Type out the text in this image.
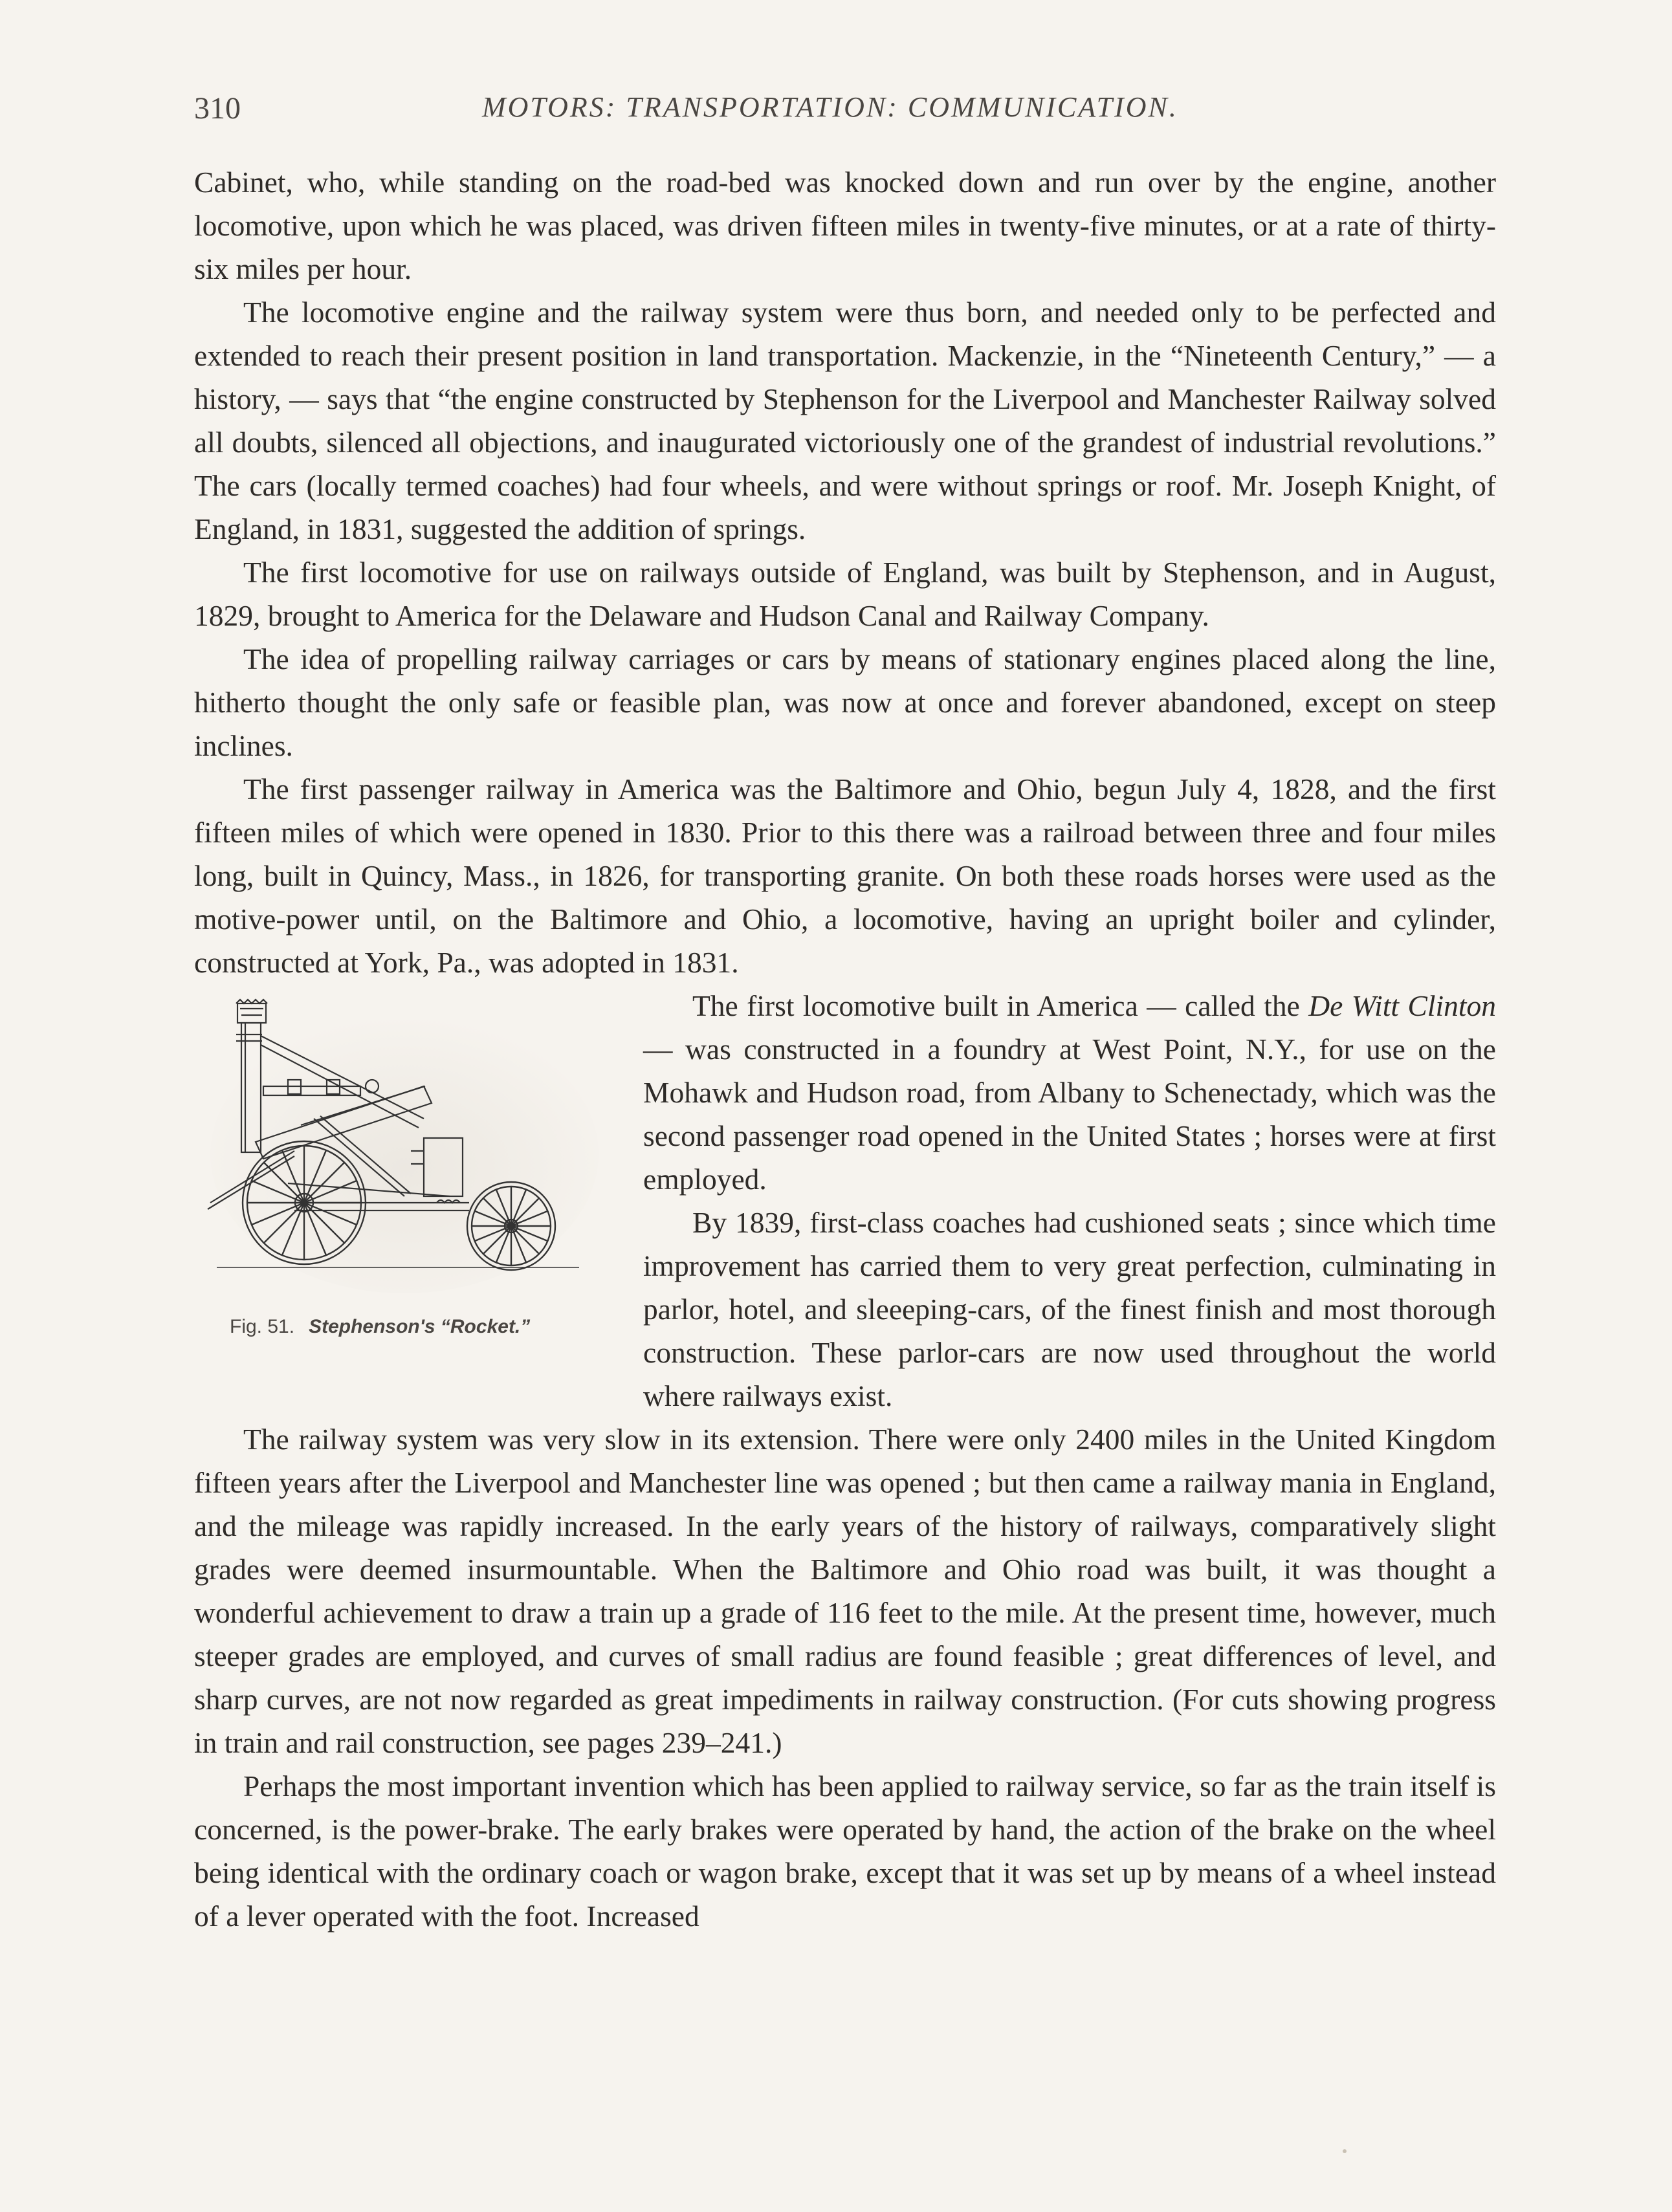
310	MOTORS: TRANSPORTATION: COMMUNICATION.

Cabinet, who, while standing on the road-bed was knocked down and run over by the engine, another locomotive, upon which he was placed, was driven fifteen miles in twenty-five minutes, or at a rate of thirty-six miles per hour.

The locomotive engine and the railway system were thus born, and needed only to be perfected and extended to reach their present position in land transportation. Mackenzie, in the “Nineteenth Century,” — a history, — says that “the engine constructed by Stephenson for the Liverpool and Manchester Railway solved all doubts, silenced all objections, and inaugurated victoriously one of the grandest of industrial revolutions.” The cars (locally termed coaches) had four wheels, and were without springs or roof. Mr. Joseph Knight, of England, in 1831, suggested the addition of springs.

The first locomotive for use on railways outside of England, was built by Stephenson, and in August, 1829, brought to America for the Delaware and Hudson Canal and Railway Company.

The idea of propelling railway carriages or cars by means of stationary engines placed along the line, hitherto thought the only safe or feasible plan, was now at once and forever abandoned, except on steep inclines.

The first passenger railway in America was the Baltimore and Ohio, begun July 4, 1828, and the first fifteen miles of which were opened in 1830. Prior to this there was a railroad between three and four miles long, built in Quincy, Mass., in 1826, for transporting granite. On both these roads horses were used as the motive-power until, on the Baltimore and Ohio, a locomotive, having an upright boiler and cylinder, constructed at York, Pa., was adopted in 1831.

Fig. 51. Stephenson's “Rocket.”

The first locomotive built in America — called the De Witt Clinton — was constructed in a foundry at West Point, N.Y., for use on the Mohawk and Hudson road, from Albany to Schenectady, which was the second passenger road opened in the United States ; horses were at first employed.

By 1839, first-class coaches had cushioned seats ; since which time improvement has carried them to very great perfection, culminating in parlor, hotel, and sleeeping-cars, of the finest finish and most thorough construction. These parlor-cars are now used throughout the world where railways exist.

The railway system was very slow in its extension. There were only 2400 miles in the United Kingdom fifteen years after the Liverpool and Manchester line was opened ; but then came a railway mania in England, and the mileage was rapidly increased. In the early years of the history of railways, comparatively slight grades were deemed insurmountable. When the Baltimore and Ohio road was built, it was thought a wonderful achievement to draw a train up a grade of 116 feet to the mile. At the present time, however, much steeper grades are employed, and curves of small radius are found feasible ; great differences of level, and sharp curves, are not now regarded as great impediments in railway construction. (For cuts showing progress in train and rail construction, see pages 239–241.)

Perhaps the most important invention which has been applied to railway service, so far as the train itself is concerned, is the power-brake. The early brakes were operated by hand, the action of the brake on the wheel being identical with the ordinary coach or wagon brake, except that it was set up by means of a wheel instead of a lever operated with the foot. Increased
